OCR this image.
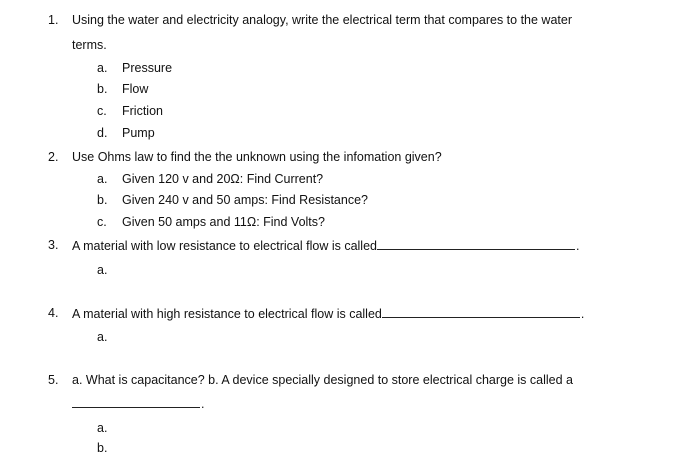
1. Using the water and electricity analogy, write the electrical term that compares to the water
terms.
a. Pressure
b. Flow
c. Friction
d. Pump
2. Use Ohms law to find the the unknown using the infomation given?
a. Given 120 v and 20Ω: Find Current?
b. Given 240 v and 50 amps: Find Resistance?
c. Given 50 amps and 11Ω: Find Volts?
3. A material with low resistance to electrical flow is called	.
a.
4. A material with high resistance to electrical flow is called	.
a.
5. a. What is capacitance? b. A device specially designed to store electrical charge is called a
.
a.
b.
